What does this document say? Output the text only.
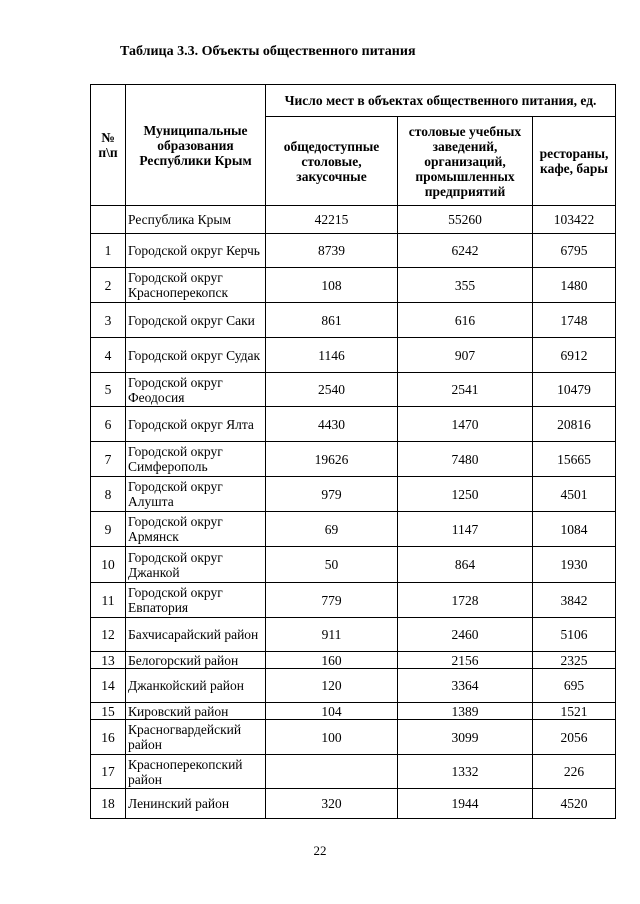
Таблица 3.3. Объекты общественного питания
№ п\п	Муниципальные образования Республики Крым	Число мест в объектах общественного питания, ед.		
		общедоступные столовые, закусочные	столовые учебных заведений, организаций, промышленных предприятий	рестораны, кафе, бары
	Республика Крым	42215	55260	103422
1	Городской округ Керчь	8739	6242	6795
2	Городской округ Красноперекопск	108	355	1480
3	Городской округ Саки	861	616	1748
4	Городской округ Судак	1146	907	6912
5	Городской округ Феодосия	2540	2541	10479
6	Городской округ Ялта	4430	1470	20816
7	Городской округ Симферополь	19626	7480	15665
8	Городской округ Алушта	979	1250	4501
9	Городской округ Армянск	69	1147	1084
10	Городской округ Джанкой	50	864	1930
11	Городской округ Евпатория	779	1728	3842
12	Бахчисарайский район	911	2460	5106
13	Белогорский район	160	2156	2325
14	Джанкойский район	120	3364	695
15	Кировский район	104	1389	1521
16	Красногвардейский район	100	3099	2056
17	Красноперекопский район		1332	226
18	Ленинский район	320	1944	4520
22
